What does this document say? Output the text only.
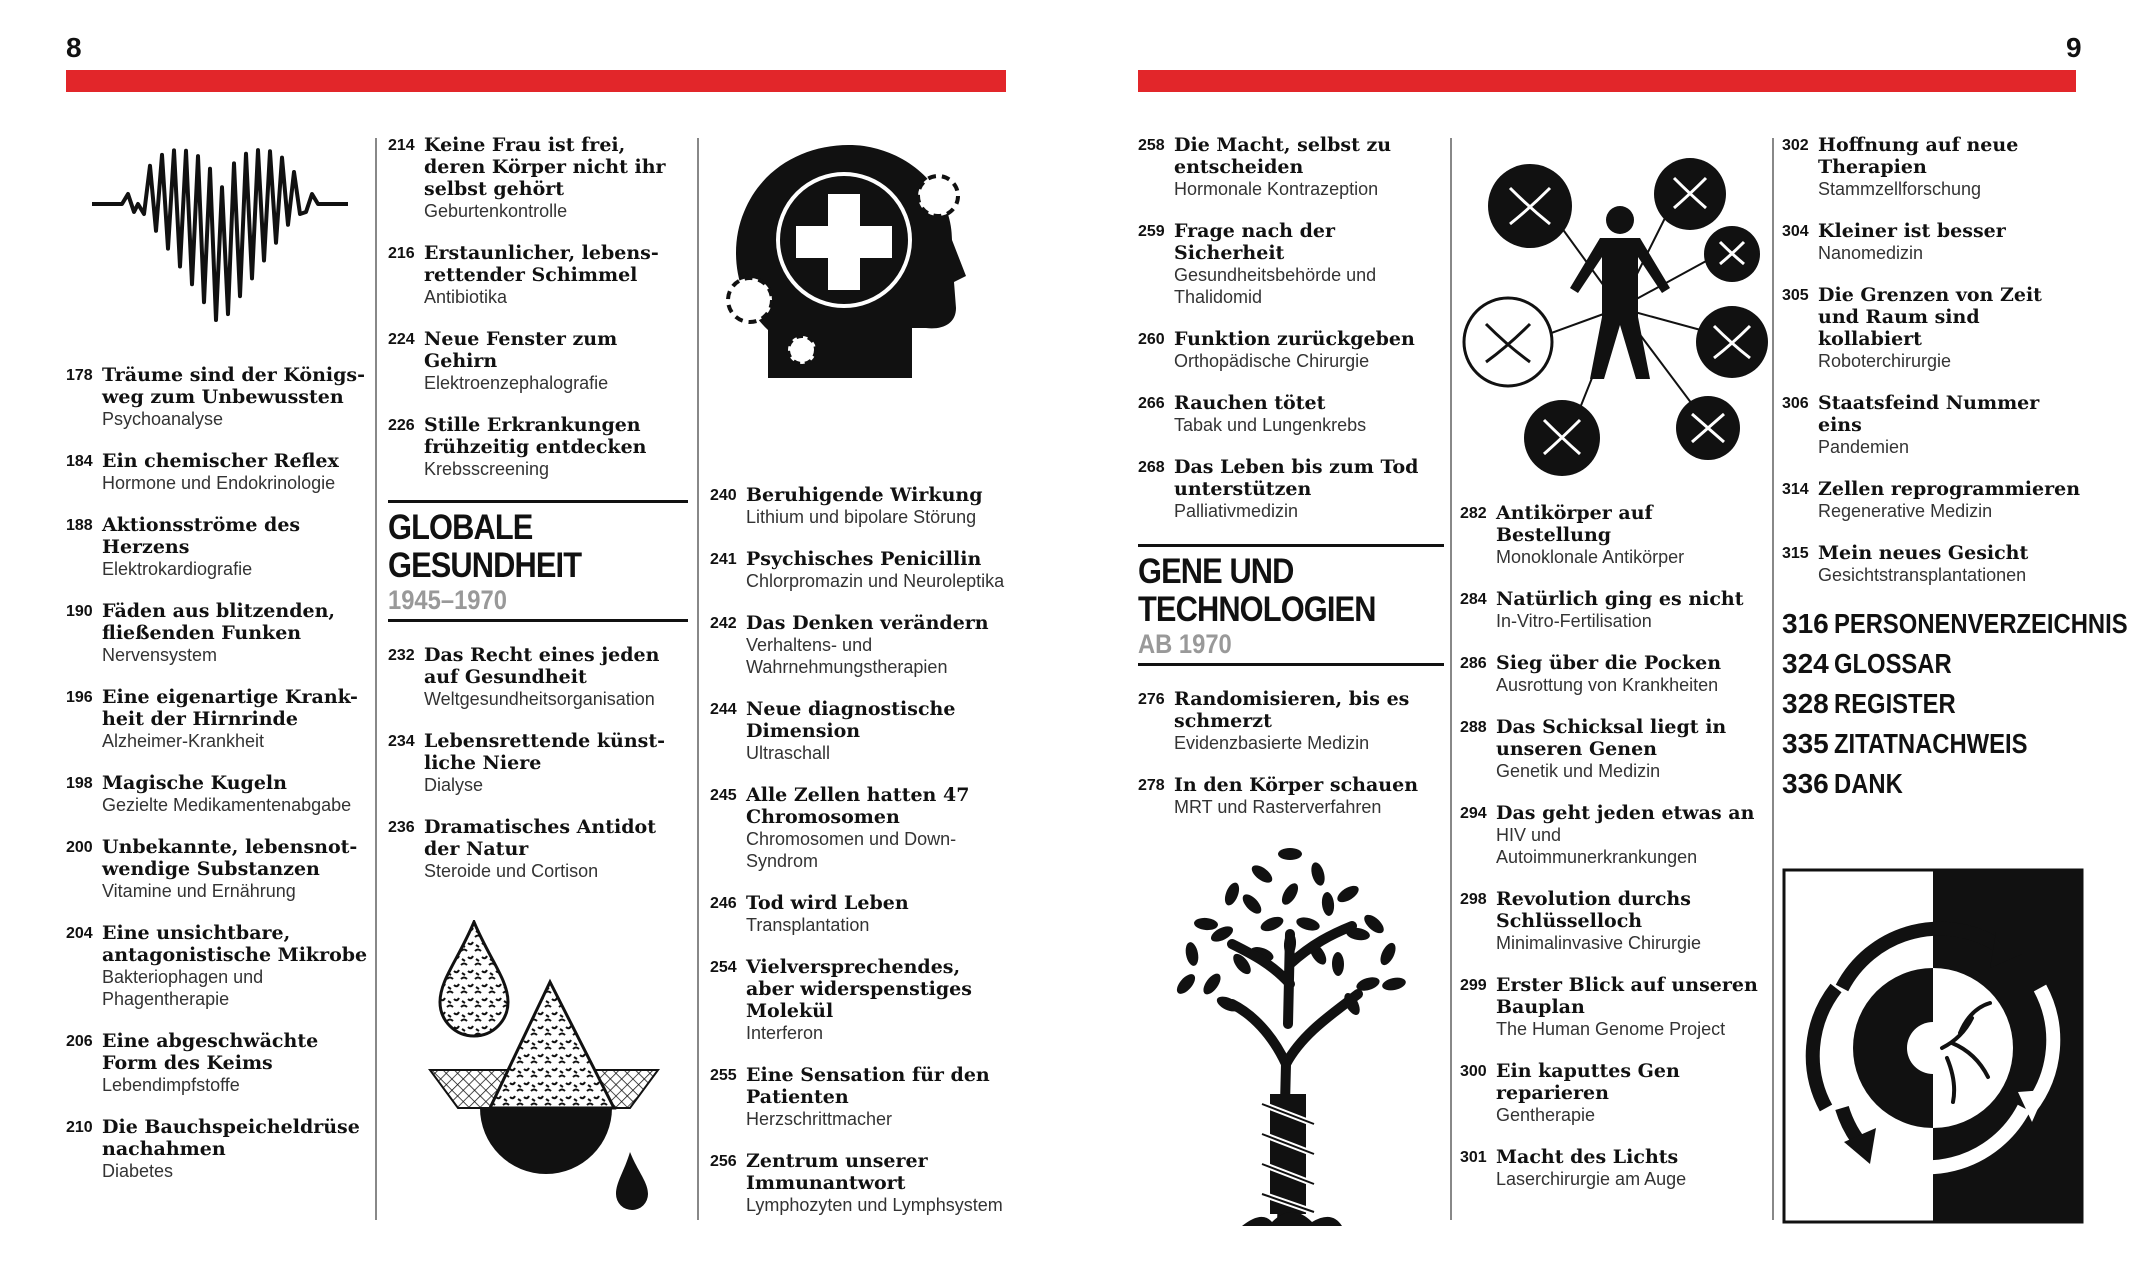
8	9
178 Träume sind der Königs-weg zum Unbewussten
Psychoanalyse
184 Ein chemischer Reflex
Hormone und Endokrinologie
188 Aktionsströme des Herzens
Elektrokardiografie
190 Fäden aus blitzenden, fließenden Funken
Nervensystem
196 Eine eigenartige Krank-heit der Hirnrinde
Alzheimer-Krankheit
198 Magische Kugeln
Gezielte Medikamentenabgabe
200 Unbekannte, lebensnot-wendige Substanzen
Vitamine und Ernährung
204 Eine unsichtbare, antagonistische Mikrobe
Bakteriophagen und Phagentherapie
206 Eine abgeschwächte Form des Keims
Lebendimpfstoffe
210 Die Bauchspeicheldrüse nachahmen
Diabetes
214 Keine Frau ist frei, deren Körper nicht ihr selbst gehört
Geburtenkontrolle
216 Erstaunlicher, lebens-rettender Schimmel
Antibiotika
224 Neue Fenster zum Gehirn
Elektroenzephalografie
226 Stille Erkrankungen frühzeitig entdecken
Krebsscreening
GLOBALE
GESUNDHEIT
1945–1970
232 Das Recht eines jeden auf Gesundheit
Weltgesundheitsorganisation
234 Lebensrettende künst-liche Niere
Dialyse
236 Dramatisches Antidot der Natur
Steroide und Cortison
240 Beruhigende Wirkung
Lithium und bipolare Störung
241 Psychisches Penicillin
Chlorpromazin und Neuroleptika
242 Das Denken verändern
Verhaltens- und Wahrnehmungstherapien
244 Neue diagnostische Dimension
Ultraschall
245 Alle Zellen hatten 47 Chromosomen
Chromosomen und Down-Syndrom
246 Tod wird Leben
Transplantation
254 Vielversprechendes, aber widerspenstiges Molekül
Interferon
255 Eine Sensation für den Patienten
Herzschrittmacher
256 Zentrum unserer Immunantwort
Lymphozyten und Lymphsystem
258 Die Macht, selbst zu entscheiden
Hormonale Kontrazeption
259 Frage nach der Sicherheit
Gesundheitsbehörde und Thalidomid
260 Funktion zurückgeben
Orthopädische Chirurgie
266 Rauchen tötet
Tabak und Lungenkrebs
268 Das Leben bis zum Tod unterstützen
Palliativmedizin
GENE UND
TECHNOLOGIEN
AB 1970
276 Randomisieren, bis es schmerzt
Evidenzbasierte Medizin
278 In den Körper schauen
MRT und Rasterverfahren
282 Antikörper auf Bestellung
Monoklonale Antikörper
284 Natürlich ging es nicht
In-Vitro-Fertilisation
286 Sieg über die Pocken
Ausrottung von Krankheiten
288 Das Schicksal liegt in unseren Genen
Genetik und Medizin
294 Das geht jeden etwas an
HIV und Autoimmunerkrankungen
298 Revolution durchs Schlüsselloch
Minimalinvasive Chirurgie
299 Erster Blick auf unseren Bauplan
The Human Genome Project
300 Ein kaputtes Gen reparieren
Gentherapie
301 Macht des Lichts
Laserchirurgie am Auge
302 Hoffnung auf neue Therapien
Stammzellforschung
304 Kleiner ist besser
Nanomedizin
305 Die Grenzen von Zeit und Raum sind kollabiert
Roboterchirurgie
306 Staatsfeind Nummer eins
Pandemien
314 Zellen reprogrammieren
Regenerative Medizin
315 Mein neues Gesicht
Gesichtstransplantationen
316 PERSONENVERZEICHNIS
324 GLOSSAR
328 REGISTER
335 ZITATNACHWEIS
336 DANK
